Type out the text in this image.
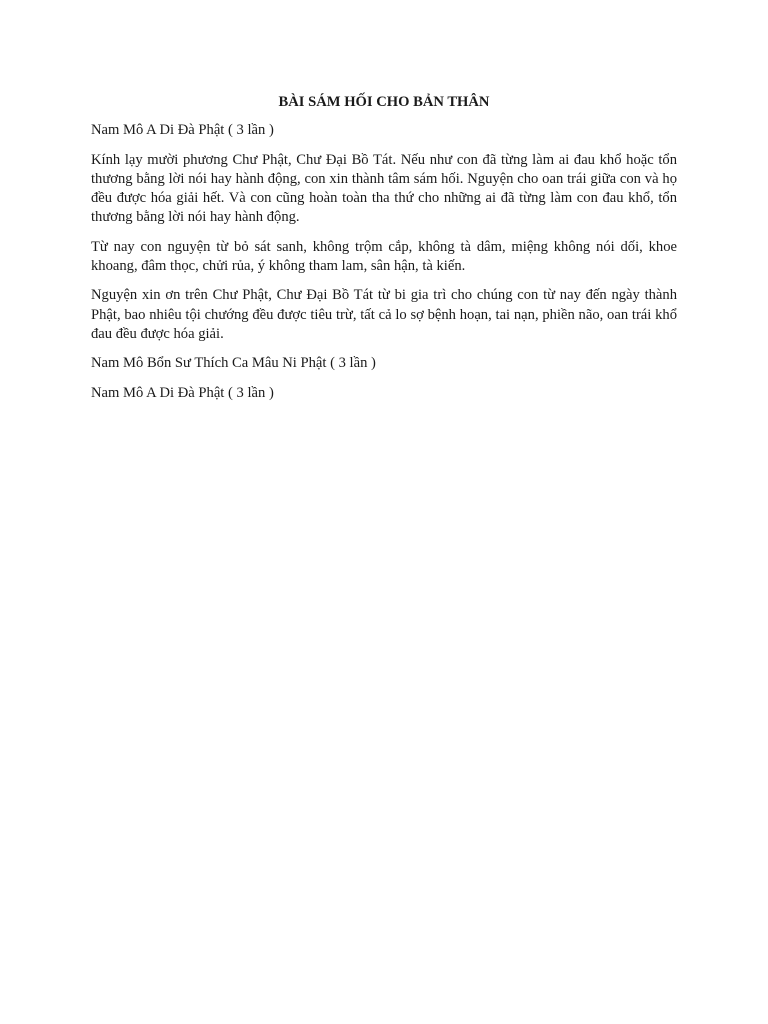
BÀI SÁM HỐI CHO BẢN THÂN

Nam Mô A Di Đà Phật ( 3 lần )

Kính lạy mười phương Chư Phật, Chư Đại Bồ Tát. Nếu như con đã từng làm ai đau khổ hoặc tổn thương bằng lời nói hay hành động, con xin thành tâm sám hối. Nguyện cho oan trái giữa con và họ đều được hóa giải hết. Và con cũng hoàn toàn tha thứ cho những ai đã từng làm con đau khổ, tổn thương bằng lời nói hay hành động.

Từ nay con nguyện từ bỏ sát sanh, không trộm cắp, không tà dâm, miệng không nói dối, khoe khoang, đâm thọc, chửi rủa, ý không tham lam, sân hận, tà kiến.

Nguyện xin ơn trên Chư Phật, Chư Đại Bồ Tát từ bi gia trì cho chúng con từ nay đến ngày thành Phật, bao nhiêu tội chướng đều được tiêu trừ, tất cả lo sợ bệnh hoạn, tai nạn, phiền não, oan trái khổ đau đều được hóa giải.

Nam Mô Bổn Sư Thích Ca Mâu Ni Phật ( 3 lần )

Nam Mô A Di Đà Phật ( 3 lần )
